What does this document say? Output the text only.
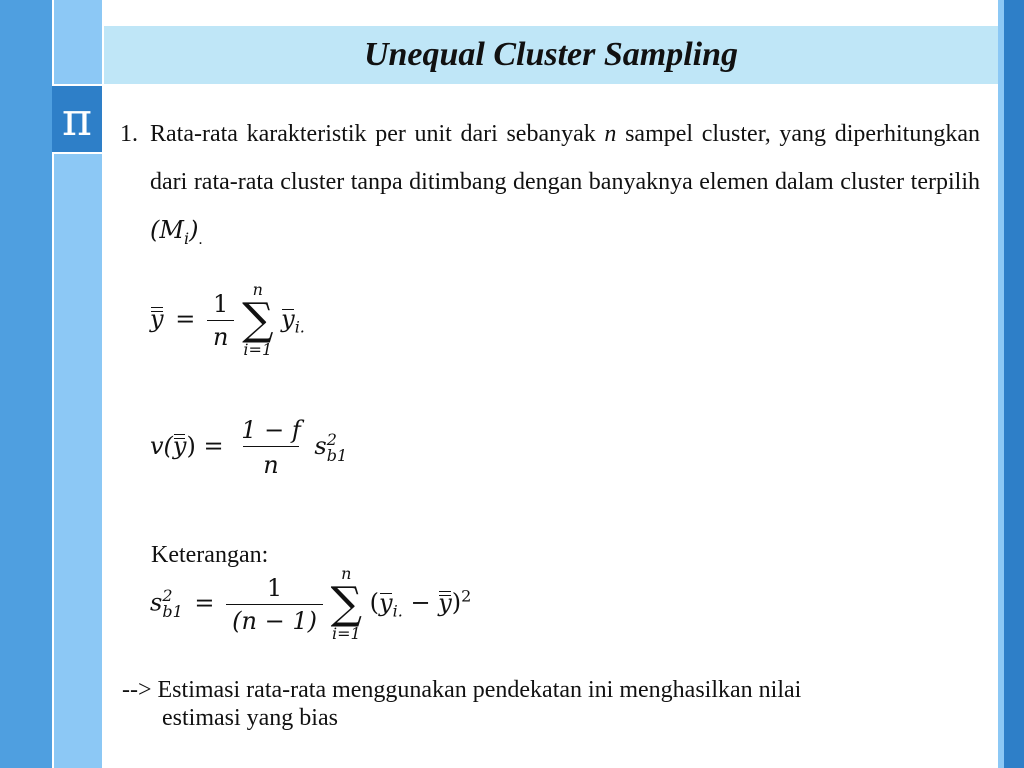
Unequal Cluster Sampling
π 1. Rata-rata karakteristik per unit dari sebanyak n sampel cluster, yang diperhitungkan dari rata-rata cluster tanpa ditimbang dengan banyaknya elemen dalam cluster terpilih $(M_i)_.$
$y = \frac{1}{n}$
n
∑
i=1
$y_{i.}$
$v(y) = \frac{1 - f}{n}$ s 2
b1
Keterangan:
s 2
$b1 = \frac{1}{(n - 1)}$
n
∑
i=1
$(y_{i.} - y)^2$
--> Estimasi rata-rata menggunakan pendekatan ini menghasilkan nilai
estimasi yang bias
